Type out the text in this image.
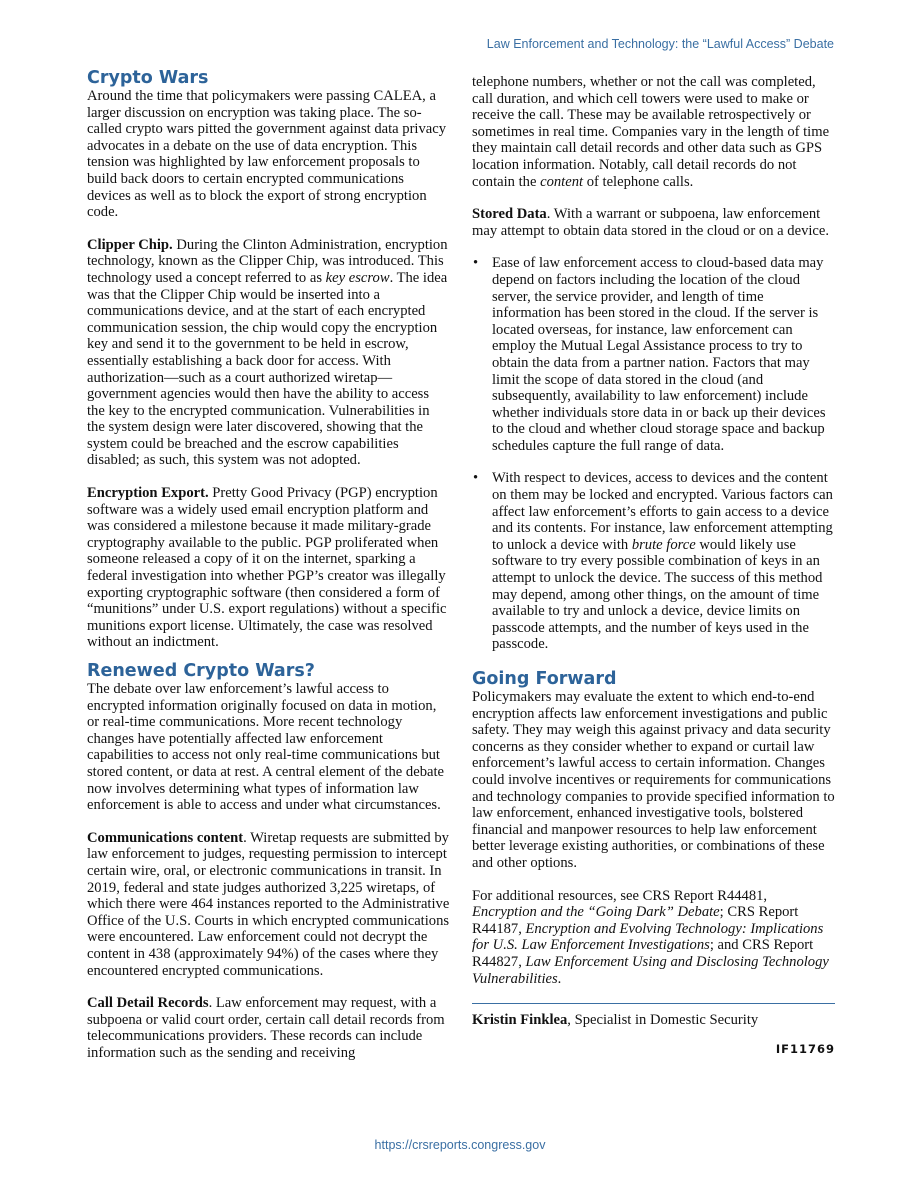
Law Enforcement and Technology: the “Lawful Access” Debate
Crypto Wars

Around the time that policymakers were passing CALEA, a larger discussion on encryption was taking place. The so-called crypto wars pitted the government against data privacy advocates in a debate on the use of data encryption. This tension was highlighted by law enforcement proposals to build back doors to certain encrypted communications devices as well as to block the export of strong encryption code.

Clipper Chip. During the Clinton Administration, encryption technology, known as the Clipper Chip, was introduced. This technology used a concept referred to as key escrow. The idea was that the Clipper Chip would be inserted into a communications device, and at the start of each encrypted communication session, the chip would copy the encryption key and send it to the government to be held in escrow, essentially establishing a back door for access. With authorization—such as a court authorized wiretap—government agencies would then have the ability to access the key to the encrypted communication. Vulnerabilities in the system design were later discovered, showing that the system could be breached and the escrow capabilities disabled; as such, this system was not adopted.

Encryption Export. Pretty Good Privacy (PGP) encryption software was a widely used email encryption platform and was considered a milestone because it made military-grade cryptography available to the public. PGP proliferated when someone released a copy of it on the internet, sparking a federal investigation into whether PGP’s creator was illegally exporting cryptographic software (then considered a form of “munitions” under U.S. export regulations) without a specific munitions export license. Ultimately, the case was resolved without an indictment.

Renewed Crypto Wars?

The debate over law enforcement’s lawful access to encrypted information originally focused on data in motion, or real-time communications. More recent technology changes have potentially affected law enforcement capabilities to access not only real-time communications but stored content, or data at rest. A central element of the debate now involves determining what types of information law enforcement is able to access and under what circumstances.

Communications content. Wiretap requests are submitted by law enforcement to judges, requesting permission to intercept certain wire, oral, or electronic communications in transit. In 2019, federal and state judges authorized 3,225 wiretaps, of which there were 464 instances reported to the Administrative Office of the U.S. Courts in which encrypted communications were encountered. Law enforcement could not decrypt the content in 438 (approximately 94%) of the cases where they encountered encrypted communications.

Call Detail Records. Law enforcement may request, with a subpoena or valid court order, certain call detail records from telecommunications providers. These records can include information such as the sending and receiving

telephone numbers, whether or not the call was completed, call duration, and which cell towers were used to make or receive the call. These may be available retrospectively or sometimes in real time. Companies vary in the length of time they maintain call detail records and other data such as GPS location information. Notably, call detail records do not contain the content of telephone calls.

Stored Data. With a warrant or subpoena, law enforcement may attempt to obtain data stored in the cloud or on a device.

• Ease of law enforcement access to cloud-based data may depend on factors including the location of the cloud server, the service provider, and length of time information has been stored in the cloud. If the server is located overseas, for instance, law enforcement can employ the Mutual Legal Assistance process to try to obtain the data from a partner nation. Factors that may limit the scope of data stored in the cloud (and subsequently, availability to law enforcement) include whether individuals store data in or back up their devices to the cloud and whether cloud storage space and backup schedules capture the full range of data.
• With respect to devices, access to devices and the content on them may be locked and encrypted. Various factors can affect law enforcement’s efforts to gain access to a device and its contents. For instance, law enforcement attempting to unlock a device with brute force would likely use software to try every possible combination of keys in an attempt to unlock the device. The success of this method may depend, among other things, on the amount of time available to try and unlock a device, device limits on passcode attempts, and the number of keys used in the passcode.
Going Forward

Policymakers may evaluate the extent to which end-to-end encryption affects law enforcement investigations and public safety. They may weigh this against privacy and data security concerns as they consider whether to expand or curtail law enforcement’s lawful access to certain information. Changes could involve incentives or requirements for communications and technology companies to provide specified information to law enforcement, enhanced investigative tools, bolstered financial and manpower resources to help law enforcement better leverage existing authorities, or combinations of these and other options.

For additional resources, see CRS Report R44481, Encryption and the “Going Dark” Debate; CRS Report R44187, Encryption and Evolving Technology: Implications for U.S. Law Enforcement Investigations; and CRS Report R44827, Law Enforcement Using and Disclosing Technology Vulnerabilities.

Kristin Finklea, Specialist in Domestic Security
IF11769
https://crsreports.congress.gov
